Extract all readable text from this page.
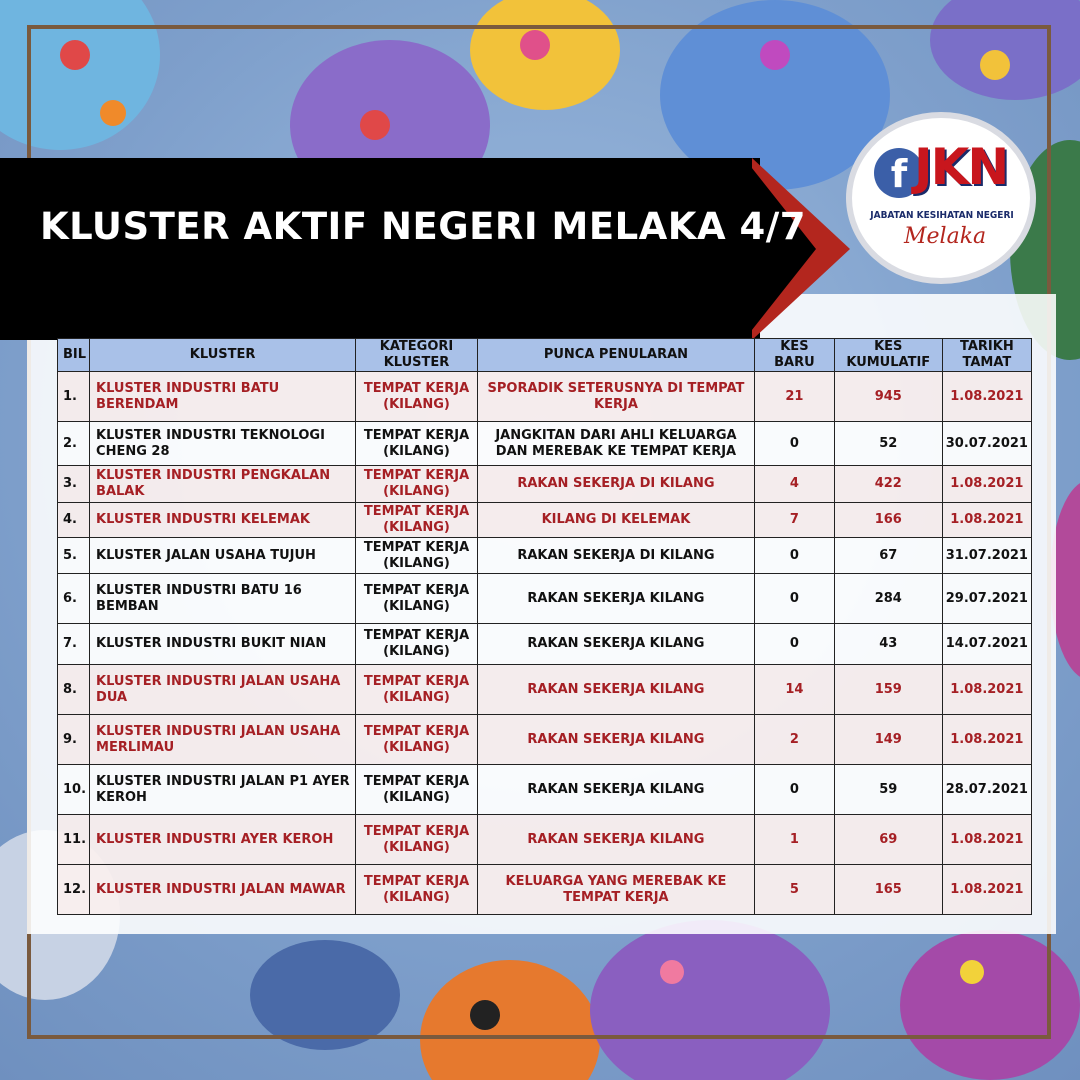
KLUSTER AKTIF NEGERI MELAKA 4/7
f JKN
JABATAN KESIHATAN NEGERI
Melaka
BIL	KLUSTER	KATEGORI KLUSTER	PUNCA PENULARAN	KES BARU	KES KUMULATIF	TARIKH TAMAT
1.	KLUSTER INDUSTRI BATU BERENDAM	TEMPAT KERJA (KILANG)	SPORADIK SETERUSNYA DI TEMPAT KERJA	21	945	1.08.2021
2.	KLUSTER INDUSTRI TEKNOLOGI CHENG 28	TEMPAT KERJA (KILANG)	JANGKITAN DARI AHLI KELUARGA DAN MEREBAK KE TEMPAT KERJA	0	52	30.07.2021
3.	KLUSTER INDUSTRI PENGKALAN BALAK	TEMPAT KERJA (KILANG)	RAKAN SEKERJA DI KILANG	4	422	1.08.2021
4.	KLUSTER INDUSTRI KELEMAK	TEMPAT KERJA (KILANG)	KILANG DI KELEMAK	7	166	1.08.2021
5.	KLUSTER JALAN USAHA TUJUH	TEMPAT KERJA (KILANG)	RAKAN SEKERJA DI KILANG	0	67	31.07.2021
6.	KLUSTER INDUSTRI BATU 16 BEMBAN	TEMPAT KERJA (KILANG)	RAKAN SEKERJA KILANG	0	284	29.07.2021
7.	KLUSTER INDUSTRI BUKIT NIAN	TEMPAT KERJA (KILANG)	RAKAN SEKERJA KILANG	0	43	14.07.2021
8.	KLUSTER INDUSTRI JALAN USAHA DUA	TEMPAT KERJA (KILANG)	RAKAN SEKERJA KILANG	14	159	1.08.2021
9.	KLUSTER INDUSTRI JALAN USAHA MERLIMAU	TEMPAT KERJA (KILANG)	RAKAN SEKERJA KILANG	2	149	1.08.2021
10.	KLUSTER INDUSTRI JALAN P1 AYER KEROH	TEMPAT KERJA (KILANG)	RAKAN SEKERJA KILANG	0	59	28.07.2021
11.	KLUSTER INDUSTRI AYER KEROH	TEMPAT KERJA (KILANG)	RAKAN SEKERJA KILANG	1	69	1.08.2021
12.	KLUSTER INDUSTRI JALAN MAWAR	TEMPAT KERJA (KILANG)	KELUARGA YANG MEREBAK KE TEMPAT KERJA	5	165	1.08.2021
